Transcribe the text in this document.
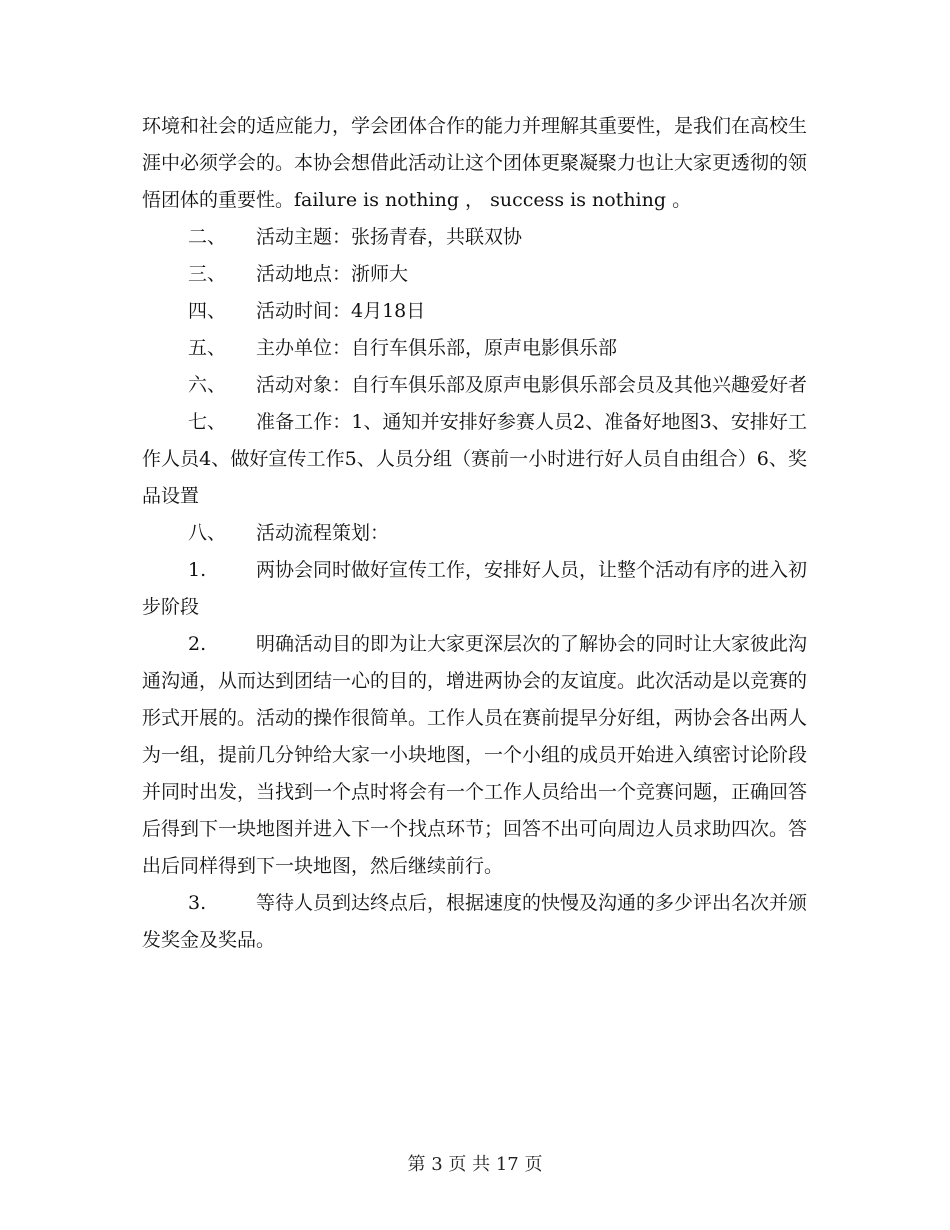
环境和社会的适应能力，学会团体合作的能力并理解其重要性，是我们在高校生涯中必须学会的。本协会想借此活动让这个团体更聚凝聚力也让大家更透彻的领悟团体的重要性。failure is nothing ， success is nothing 。

二、 活动主题：张扬青春，共联双协

三、 活动地点：浙师大

四、 活动时间：4月18日

五、 主办单位：自行车俱乐部，原声电影俱乐部

六、 活动对象：自行车俱乐部及原声电影俱乐部会员及其他兴趣爱好者

七、 准备工作：1、通知并安排好参赛人员2、准备好地图3、安排好工作人员4、做好宣传工作5、人员分组（赛前一小时进行好人员自由组合）6、奖品设置

八、 活动流程策划：

1.	两协会同时做好宣传工作，安排好人员，让整个活动有序的进入初步阶段

2.	明确活动目的即为让大家更深层次的了解协会的同时让大家彼此沟通沟通，从而达到团结一心的目的，增进两协会的友谊度。此次活动是以竞赛的形式开展的。活动的操作很简单。工作人员在赛前提早分好组，两协会各出两人为一组，提前几分钟给大家一小块地图，一个小组的成员开始进入缜密讨论阶段并同时出发，当找到一个点时将会有一个工作人员给出一个竞赛问题，正确回答后得到下一块地图并进入下一个找点环节；回答不出可向周边人员求助四次。答出后同样得到下一块地图，然后继续前行。

3.	等待人员到达终点后，根据速度的快慢及沟通的多少评出名次并颁发奖金及奖品。

第 3 页 共 17 页
